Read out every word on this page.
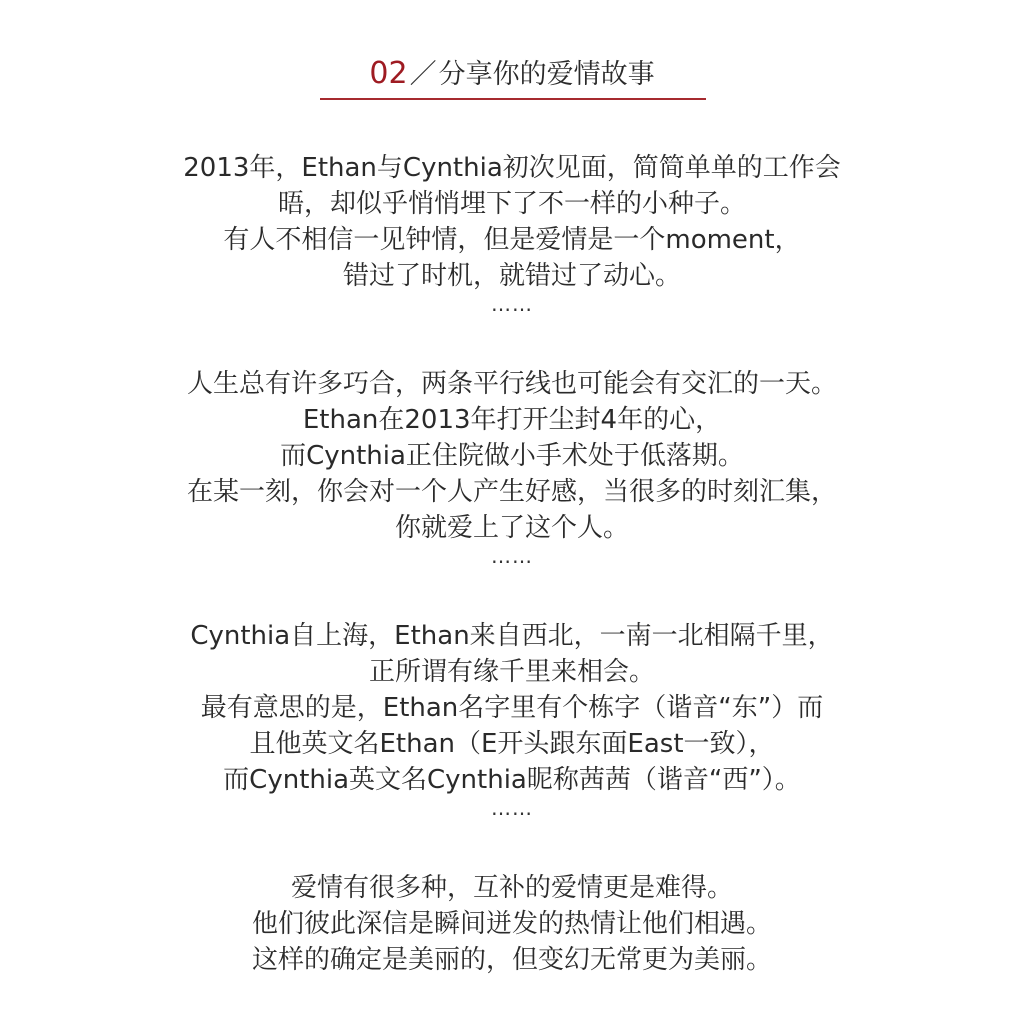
02／分享你的爱情故事
2013年，Ethan与Cynthia初次见面，简简单单的工作会
晤，却似乎悄悄埋下了不一样的小种子。
有人不相信一见钟情，但是爱情是一个moment，
错过了时机，就错过了动心。
……
人生总有许多巧合，两条平行线也可能会有交汇的一天。
Ethan在2013年打开尘封4年的心，
而Cynthia正住院做小手术处于低落期。
在某一刻，你会对一个人产生好感，当很多的时刻汇集，
你就爱上了这个人。
……
Cynthia自上海，Ethan来自西北，一南一北相隔千里，
正所谓有缘千里来相会。
最有意思的是，Ethan名字里有个栋字（谐音“东”）而
且他英文名Ethan（E开头跟东面East一致），
而Cynthia英文名Cynthia昵称茜茜（谐音“西”）。
……
爱情有很多种，互补的爱情更是难得。
他们彼此深信是瞬间迸发的热情让他们相遇。
这样的确定是美丽的，但变幻无常更为美丽。
